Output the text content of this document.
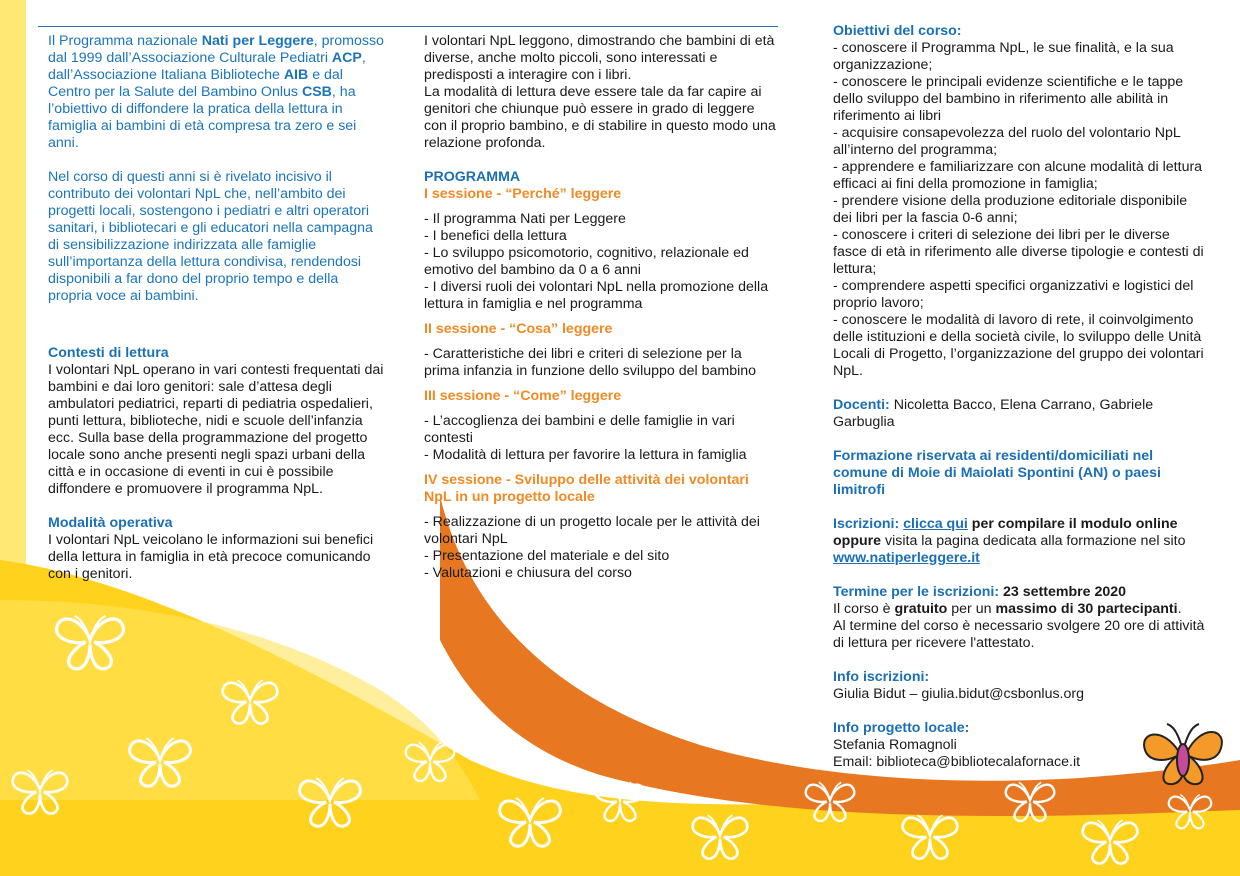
Il Programma nazionale Nati per Leggere, promosso dal 1999 dall’Associazione Culturale Pediatri ACP, dall’Associazione Italiana Biblioteche AIB e dal Centro per la Salute del Bambino Onlus CSB, ha l’obiettivo di diffondere la pratica della lettura in famiglia ai bambini di età compresa tra zero e sei anni.

Nel corso di questi anni si è rivelato incisivo il contributo dei volontari NpL che, nell’ambito dei progetti locali, sostengono i pediatri e altri operatori sanitari, i bibliotecari e gli educatori nella campagna di sensibilizzazione indirizzata alle famiglie sull’importanza della lettura condivisa, rendendosi disponibili a far dono del proprio tempo e della propria voce ai bambini.

Contesti di lettura

I volontari NpL operano in vari contesti frequentati dai bambini e dai loro genitori: sale d’attesa degli ambulatori pediatrici, reparti di pediatria ospedalieri, punti lettura, biblioteche, nidi e scuole dell’infanzia ecc. Sulla base della programmazione del progetto locale sono anche presenti negli spazi urbani della città e in occasione di eventi in cui è possibile diffondere e promuovere il programma NpL.

Modalità operativa

I volontari NpL veicolano le informazioni sui benefici della lettura in famiglia in età precoce comunicando con i genitori.

I volontari NpL leggono, dimostrando che bambini di età diverse, anche molto piccoli, sono interessati e predisposti a interagire con i libri.

La modalità di lettura deve essere tale da far capire ai genitori che chiunque può essere in grado di leggere con il proprio bambino, e di stabilire in questo modo una relazione profonda.

PROGRAMMA

I sessione - “Perché” leggere

- Il programma Nati per Leggere

- I benefici della lettura

- Lo sviluppo psicomotorio, cognitivo, relazionale ed emotivo del bambino da 0 a 6 anni

- I diversi ruoli dei volontari NpL nella promozione della lettura in famiglia e nel programma

II sessione - “Cosa” leggere

- Caratteristiche dei libri e criteri di selezione per la prima infanzia in funzione dello sviluppo del bambino

III sessione - “Come” leggere

- L’accoglienza dei bambini e delle famiglie in vari contesti

- Modalità di lettura per favorire la lettura in famiglia

IV sessione - Sviluppo delle attività dei volontari NpL in un progetto locale

- Realizzazione di un progetto locale per le attività dei volontari NpL

- Presentazione del materiale e del sito

- Valutazioni e chiusura del corso

Obiettivi del corso:

- conoscere il Programma NpL, le sue finalità, e la sua organizzazione;

- conoscere le principali evidenze scientifiche e le tappe dello sviluppo del bambino in riferimento alle abilità in riferimento ai libri

- acquisire consapevolezza del ruolo del volontario NpL all’interno del programma;

- apprendere e familiarizzare con alcune modalità di lettura efficaci ai fini della promozione in famiglia;

- prendere visione della produzione editoriale disponibile dei libri per la fascia 0-6 anni;

- conoscere i criteri di selezione dei libri per le diverse fasce di età in riferimento alle diverse tipologie e contesti di lettura;

- comprendere aspetti specifici organizzativi e logistici del proprio lavoro;

- conoscere le modalità di lavoro di rete, il coinvolgimento delle istituzioni e della società civile, lo sviluppo delle Unità Locali di Progetto, l’organizzazione del gruppo dei volontari NpL.

Docenti: Nicoletta Bacco, Elena Carrano, Gabriele Garbuglia

Formazione riservata ai residenti/domiciliati nel comune di Moie di Maiolati Spontini (AN) o paesi limitrofi

Iscrizioni: clicca qui per compilare il modulo online oppure visita la pagina dedicata alla formazione nel sito www.natiperleggere.it

Termine per le iscrizioni: 23 settembre 2020

Il corso è gratuito per un massimo di 30 partecipanti.

Al termine del corso è necessario svolgere 20 ore di attività di lettura per ricevere l'attestato.

Info iscrizioni:

Giulia Bidut – giulia.bidut@csbonlus.org

Info progetto locale:

Stefania Romagnoli

Email: biblioteca@bibliotecalafornace.it
